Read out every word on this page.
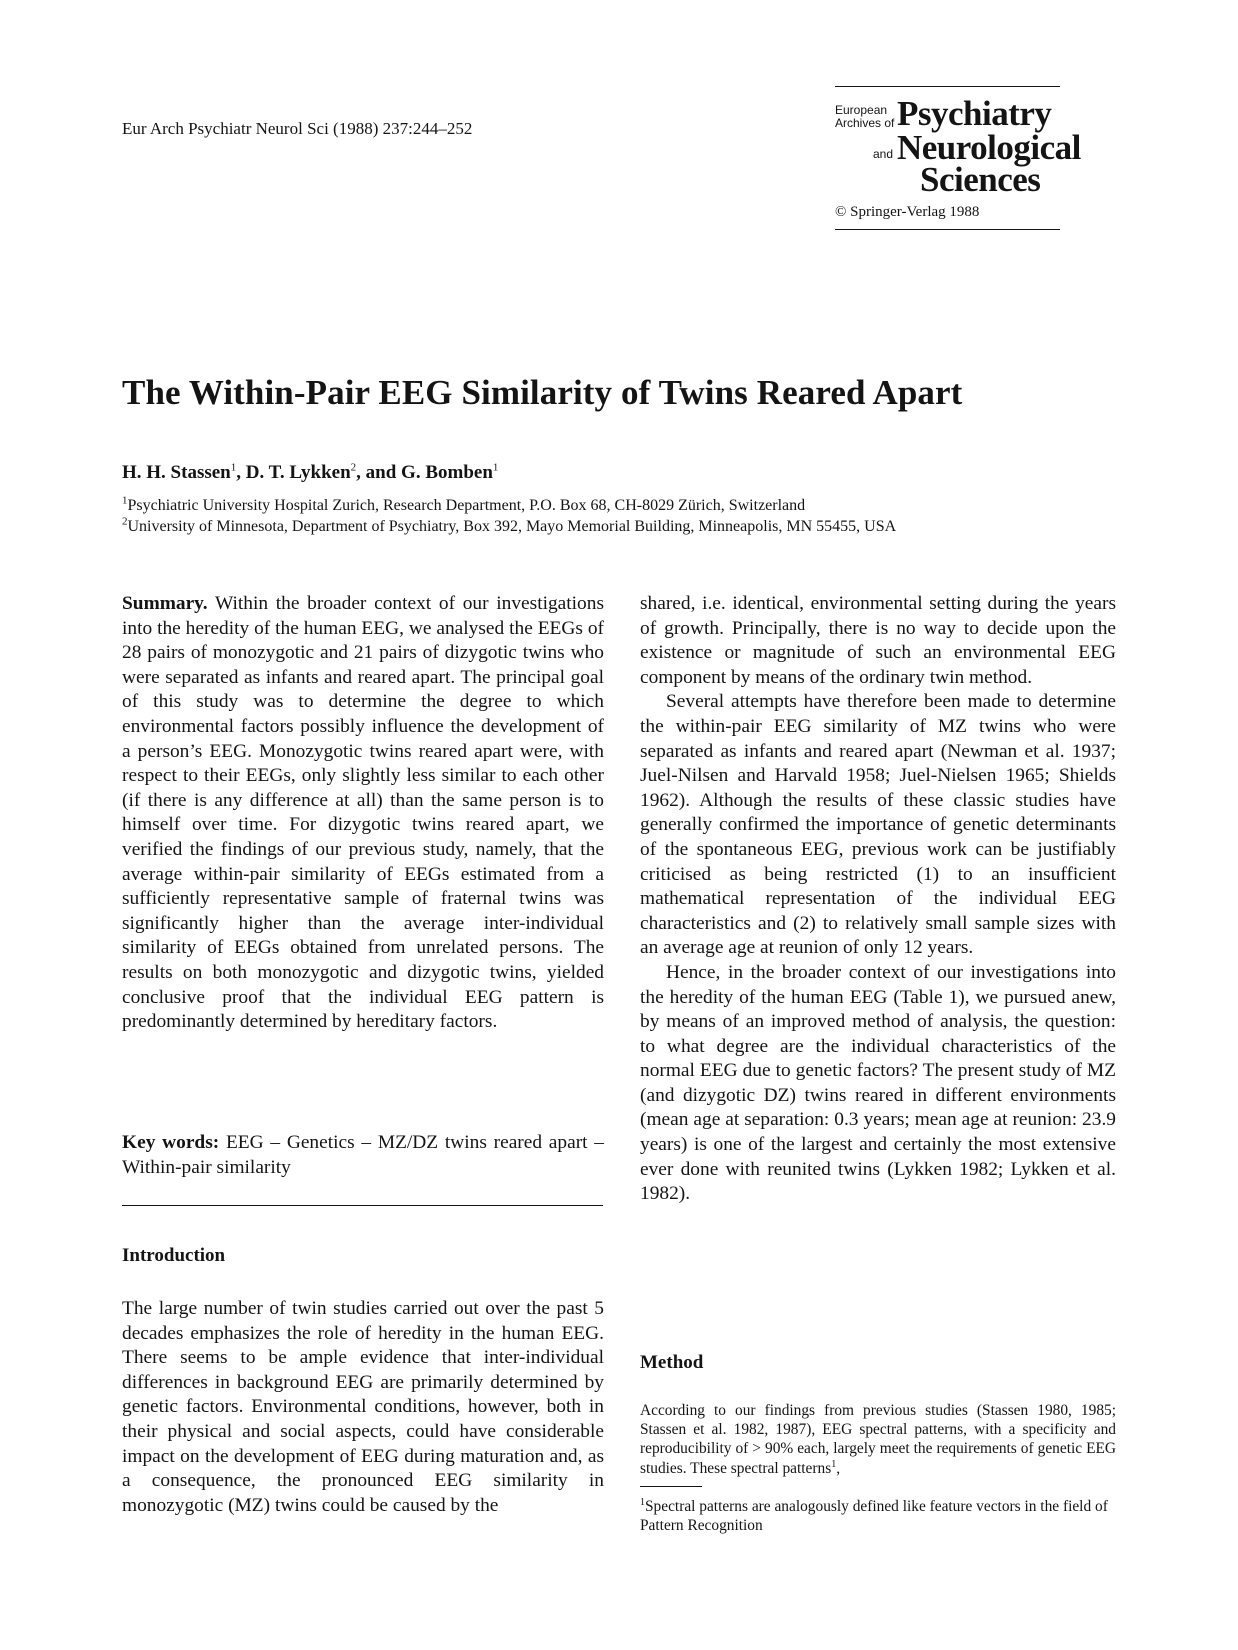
Eur Arch Psychiatr Neurol Sci (1988) 237:244–252
European
Archives of Psychiatry
and Neurological
Sciences
© Springer-Verlag 1988
The Within-Pair EEG Similarity of Twins Reared Apart
H. H. Stassen$^1$, D. T. Lykken$^2$, and G. Bomben$^1$
$^1$Psychiatric University Hospital Zurich, Research Department, P.O. Box 68, CH-8029 Zürich, Switzerland
$^2$University of Minnesota, Department of Psychiatry, Box 392, Mayo Memorial Building, Minneapolis, MN 55455, USA

Summary. Within the broader context of our investigations into the heredity of the human EEG, we analysed the EEGs of 28 pairs of monozygotic and 21 pairs of dizygotic twins who were separated as infants and reared apart. The principal goal of this study was to determine the degree to which environmental factors possibly influence the development of a person’s EEG. Monozygotic twins reared apart were, with respect to their EEGs, only slightly less similar to each other (if there is any difference at all) than the same person is to himself over time. For dizygotic twins reared apart, we verified the findings of our previous study, namely, that the average within-pair similarity of EEGs estimated from a sufficiently representative sample of fraternal twins was significantly higher than the average inter-individual similarity of EEGs obtained from unrelated persons. The results on both monozygotic and dizygotic twins, yielded conclusive proof that the individual EEG pattern is predominantly determined by hereditary factors.

Key words: EEG – Genetics – MZ/DZ twins reared apart – Within-pair similarity

Introduction

The large number of twin studies carried out over the past 5 decades emphasizes the role of heredity in the human EEG. There seems to be ample evidence that inter-individual differences in background EEG are primarily determined by genetic factors. Environmental conditions, however, both in their physical and social aspects, could have considerable impact on the development of EEG during maturation and, as a consequence, the pronounced EEG similarity in monozygotic (MZ) twins could be caused by the

shared, i.e. identical, environmental setting during the years of growth. Principally, there is no way to decide upon the existence or magnitude of such an environmental EEG component by means of the ordinary twin method.

Several attempts have therefore been made to determine the within-pair EEG similarity of MZ twins who were separated as infants and reared apart (Newman et al. 1937; Juel-Nilsen and Harvald 1958; Juel-Nielsen 1965; Shields 1962). Although the results of these classic studies have generally confirmed the importance of genetic determinants of the spontaneous EEG, previous work can be justifiably criticised as being restricted (1) to an insufficient mathematical representation of the individual EEG characteristics and (2) to relatively small sample sizes with an average age at reunion of only 12 years.

Hence, in the broader context of our investigations into the heredity of the human EEG (Table 1), we pursued anew, by means of an improved method of analysis, the question: to what degree are the individual characteristics of the normal EEG due to genetic factors? The present study of MZ (and dizygotic DZ) twins reared in different environments (mean age at separation: 0.3 years; mean age at reunion: 23.9 years) is one of the largest and certainly the most extensive ever done with reunited twins (Lykken 1982; Lykken et al. 1982).

Method
According to our findings from previous studies (Stassen 1980, 1985; Stassen et al. 1982, 1987), EEG spectral patterns, with a specificity and reproducibility of > 90% each, largely meet the requirements of genetic EEG studies. These spectral patterns$^1$,
$^1$Spectral patterns are analogously defined like feature vectors in the field of Pattern Recognition
